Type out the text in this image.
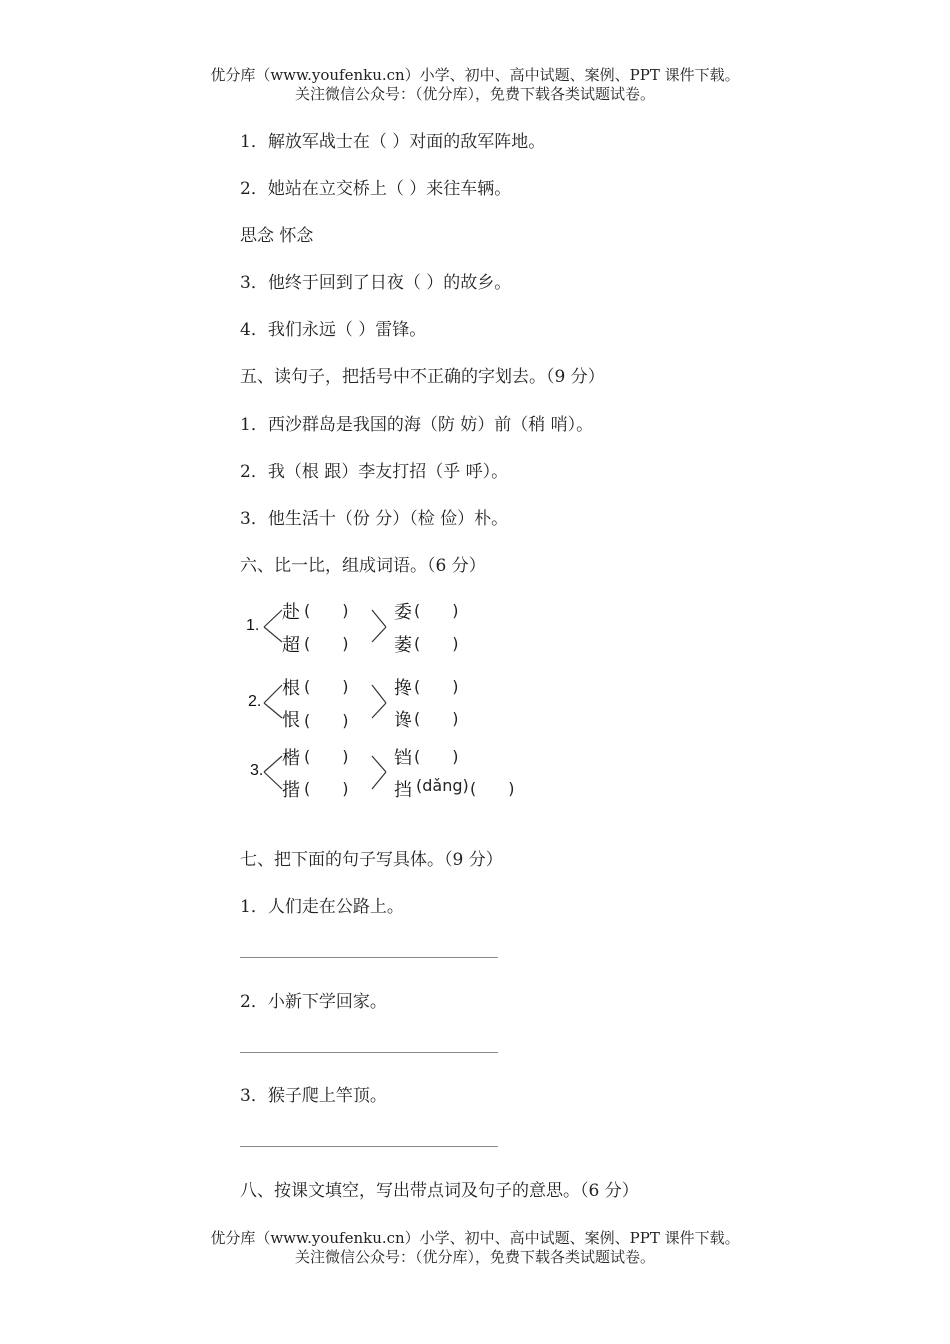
优分库（www.youfenku.cn）小学、初中、高中试题、案例、PPT 课件下载。
关注微信公众号：（优分库），免费下载各类试题试卷。
1．解放军战士在（ ）对面的敌军阵地。
2．她站在立交桥上（ ）来往车辆。
思念 怀念
3．他终于回到了日夜（ ）的故乡。
4．我们永远（ ）雷锋。
五、读句子，把括号中不正确的字划去。（9 分）
1．西沙群岛是我国的海（防 妨）前（稍 哨）。
2．我（根 跟）李友打招（乎 呼）。
3．他生活十（份 分）（检 俭）朴。
六、比一比，组成词语。（6 分）
1.
赴
超
(　　)
(　　)
委
萎
(　　)
(　　)
2.
根
恨
(　　)
(　　)
搀
谗
(　　)
(　　)
3.
楷
揩
(　　)
(　　)
铛
挡
(　　)
(dǎng) (　　)
七、把下面的句子写具体。（9 分）
1．人们走在公路上。
2．小新下学回家。
3．猴子爬上竿顶。
八、按课文填空，写出带点词及句子的意思。（6 分）
优分库（www.youfenku.cn）小学、初中、高中试题、案例、PPT 课件下载。
关注微信公众号：（优分库），免费下载各类试题试卷。
